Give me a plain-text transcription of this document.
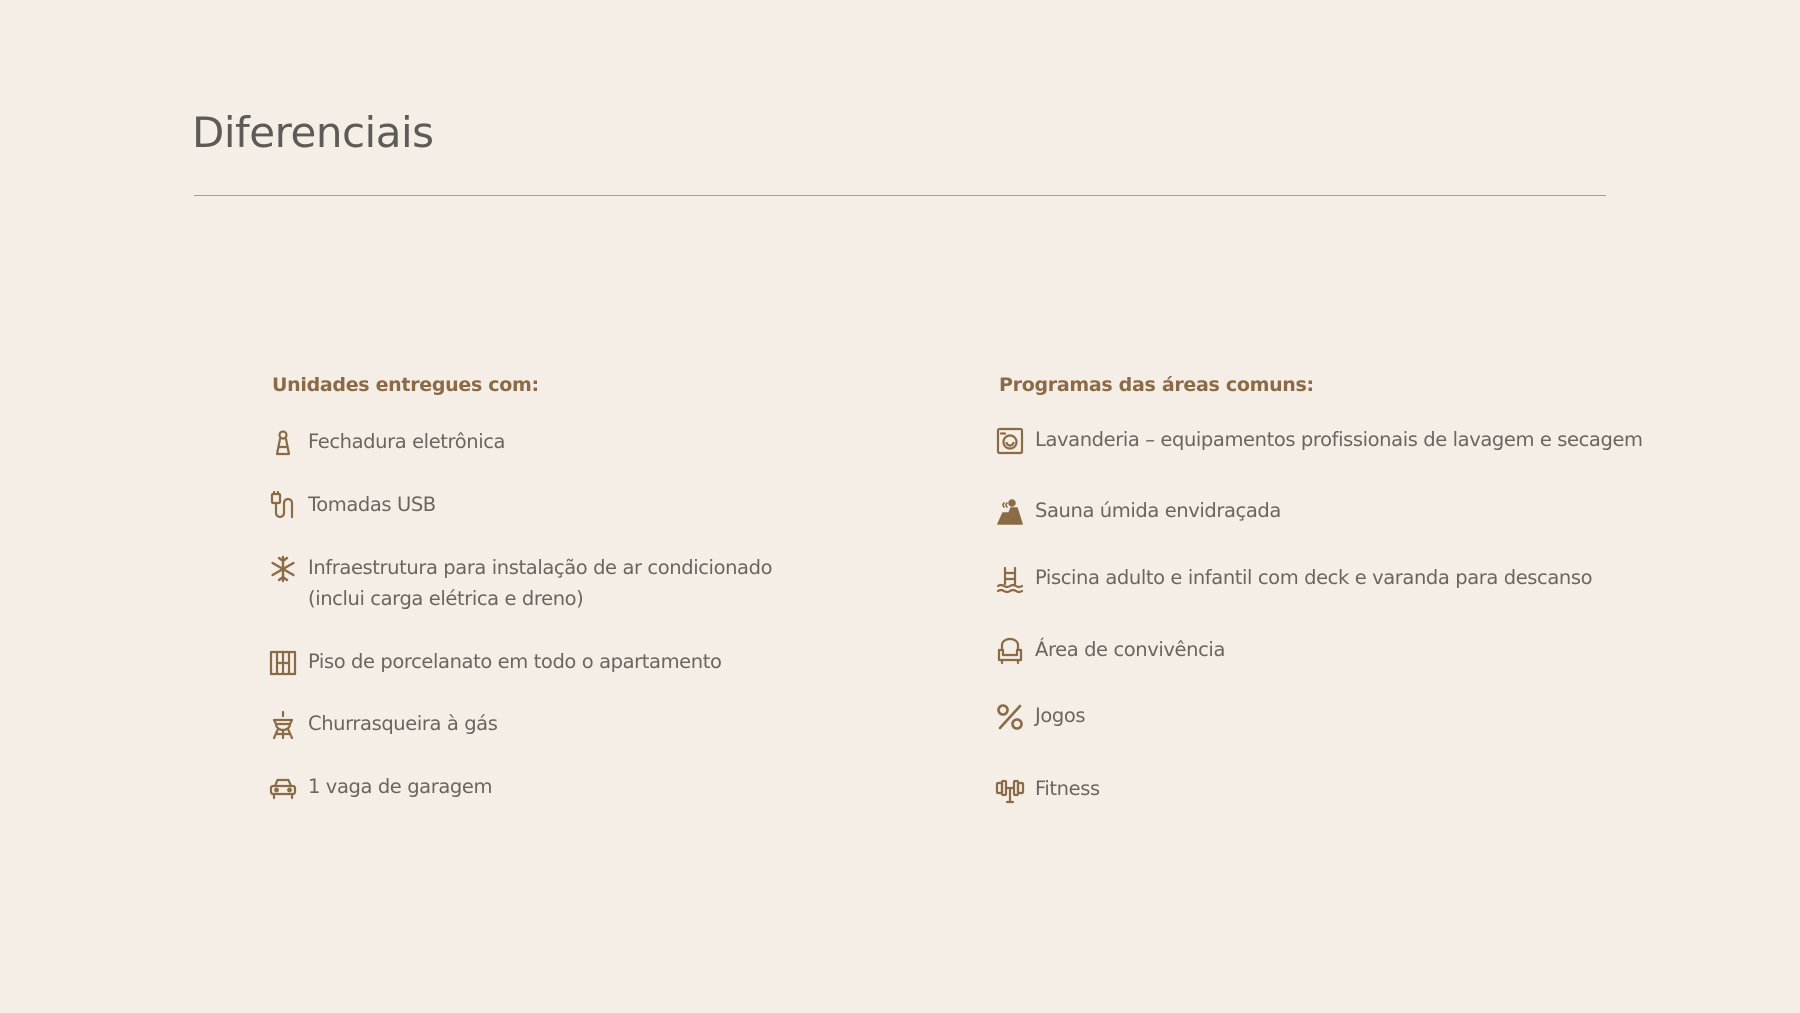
Diferenciais
Unidades entregues com:
Fechadura eletrônica
Tomadas USB
Infraestrutura para instalação de ar condicionado
(inclui carga elétrica e dreno)
Piso de porcelanato em todo o apartamento
Churrasqueira à gás
1 vaga de garagem
Programas das áreas comuns:
Lavanderia – equipamentos profissionais de lavagem e secagem
Sauna úmida envidraçada
Piscina adulto e infantil com deck e varanda para descanso
Área de convivência
Jogos
Fitness
